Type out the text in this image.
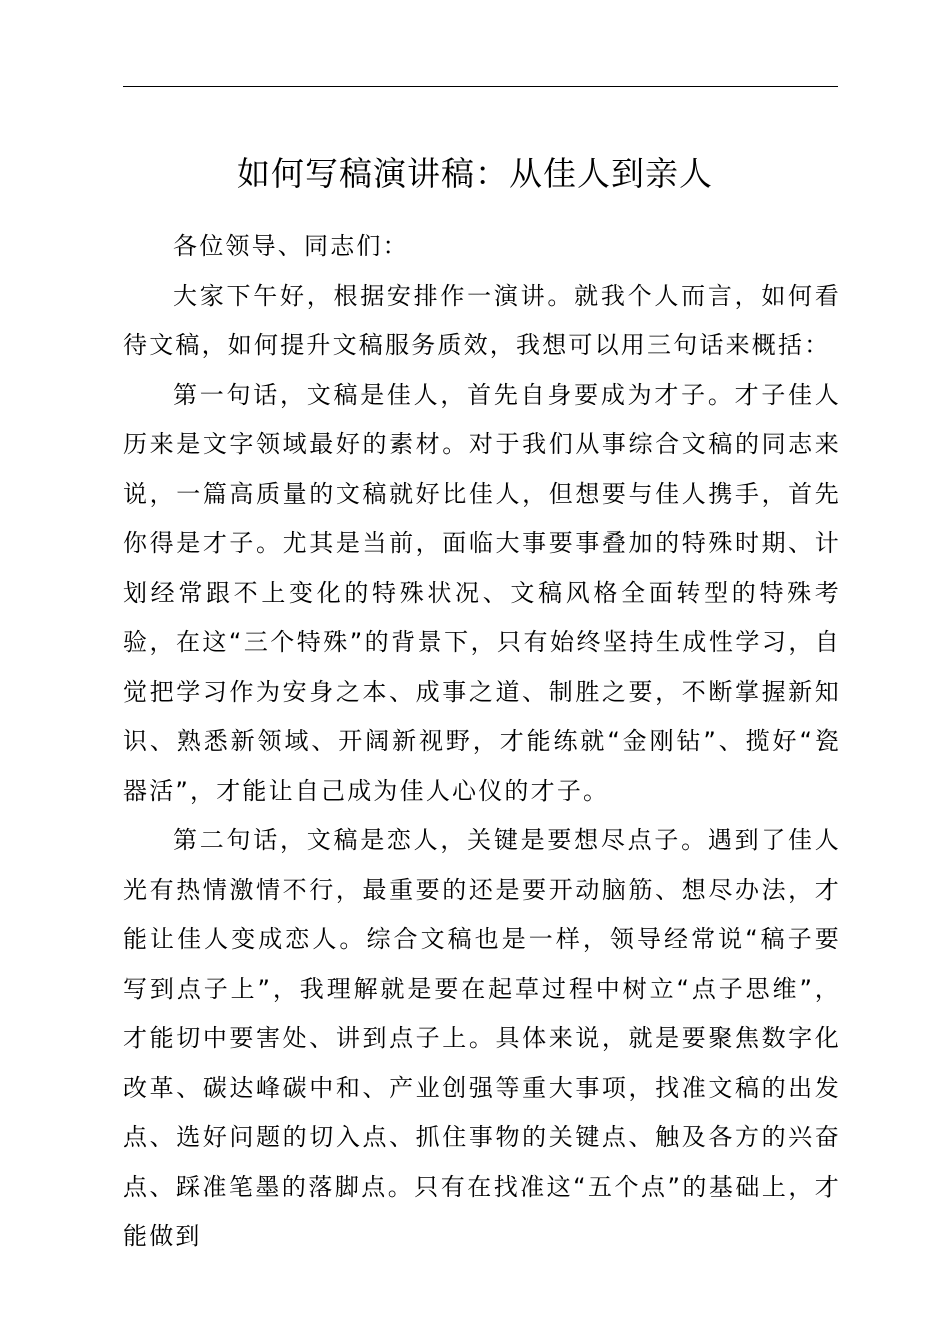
如何写稿演讲稿：从佳人到亲人

各位领导、同志们：

大家下午好，根据安排作一演讲。就我个人而言，如何看待文稿，如何提升文稿服务质效，我想可以用三句话来概括：

第一句话，文稿是佳人，首先自身要成为才子。才子佳人历来是文字领域最好的素材。对于我们从事综合文稿的同志来说，一篇高质量的文稿就好比佳人，但想要与佳人携手，首先你得是才子。尤其是当前，面临大事要事叠加的特殊时期、计划经常跟不上变化的特殊状况、文稿风格全面转型的特殊考验，在这“三个特殊”的背景下，只有始终坚持生成性学习，自觉把学习作为安身之本、成事之道、制胜之要，不断掌握新知识、熟悉新领域、开阔新视野，才能练就“金刚钻”、揽好“瓷器活”，才能让自己成为佳人心仪的才子。

第二句话，文稿是恋人，关键是要想尽点子。遇到了佳人光有热情激情不行，最重要的还是要开动脑筋、想尽办法，才能让佳人变成恋人。综合文稿也是一样，领导经常说“稿子要写到点子上”，我理解就是要在起草过程中树立“点子思维”，才能切中要害处、讲到点子上。具体来说，就是要聚焦数字化改革、碳达峰碳中和、产业创强等重大事项，找准文稿的出发点、选好问题的切入点、抓住事物的关键点、触及各方的兴奋点、踩准笔墨的落脚点。只有在找准这“五个点”的基础上，才能做到
